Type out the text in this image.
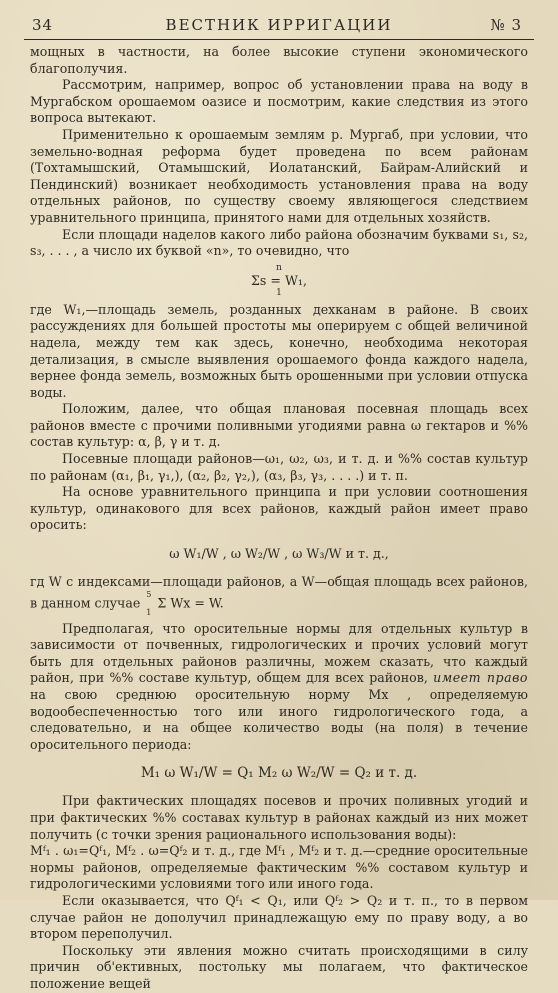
34	ВЕСТНИК ИРРИГАЦИИ	№ 3

мощных в частности, на более высокие ступени экономического благополучия.

Рассмотрим, например, вопрос об установлении права на воду в Мургабском орошаемом оазисе и посмотрим, какие следствия из этого вопроса вытекают.

Применительно к орошаемым землям р. Мургаб, при условии, что земельно-водная реформа будет проведена по всем районам (Тохтамышский, Отамышский, Иолатанский, Байрам-Алийский и Пендинский) возникает необходимость установления права на воду отдельных районов, по существу своему являющегося следствием уравнительного принципа, принятого нами для отдельных хозяйств.

Если площади наделов какого либо района обозначим буквами s₁, s₂, s₃, . . . , а число их буквой «n», то очевидно, что

n
Σs = W₁,
1

где W₁,—площадь земель, розданных дехканам в районе. В своих рассуждениях для большей простоты мы оперируем с общей величиной надела, между тем как здесь, конечно, необходима некоторая детализация, в смысле выявления орошаемого фонда каждого надела, вернее фонда земель, возможных быть орошенными при условии отпуска воды.

Положим, далее, что общая плановая посевная площадь всех районов вместе с прочими поливными угодиями равна ω гектаров и %% состав культур: α, β, γ и т. д.

Посевные площади районов—ω₁, ω₂, ω₃, и т. д. и %% состав культур по районам (α₁, β₁, γ₁,), (α₂, β₂, γ₂,), (α₃, β₃, γ₃, . . . .) и т. п.

На основе уравнительного принципа и при условии соотношения культур, одинакового для всех районов, каждый район имеет право оросить:

ω W₁/W , ω W₂/W , ω W₃/W и т. д.,

гд W с индексами—площади районов, а W—общая площадь всех районов, в данном случае
5
1
Σ Wx = W.

Предполагая, что оросительные нормы для отдельных культур в зависимости от почвенных, гидрологических и прочих условий могут быть для отдельных районов различны, можем сказать, что каждый район, при %% составе культур, общем для всех районов, имеет право на свою среднюю оросительную норму Mx , определяемую водообеспеченностью того или иного гидрологического года, а следовательно, и на общее количество воды (на поля) в течение оросительного периода:

M₁ ω W₁/W = Q₁ M₂ ω W₂/W = Q₂ и т. д.

При фактических площадях посевов и прочих поливных угодий и при фактических %% составах культур в районах каждый из них может получить (с точки зрения рационального использования воды):

Mᶠ₁ . ω₁=Qᶠ₁, Mᶠ₂ . ω=Qᶠ₂ и т. д., где Mᶠ₁ , Mᶠ₂ и т. д.—средние оросительные нормы районов, определяемые фактическим %% составом культур и гидрологическими условиями того или иного года.

Если оказывается, что Qᶠ₁ < Q₁, или Qᶠ₂ > Q₂ и т. п., то в первом случае район не дополучил принадлежащую ему по праву воду, а во втором переполучил.

Поскольку эти явления можно считать происходящими в силу причин об'ективных, постольку мы полагаем, что фактическое положение вещей
